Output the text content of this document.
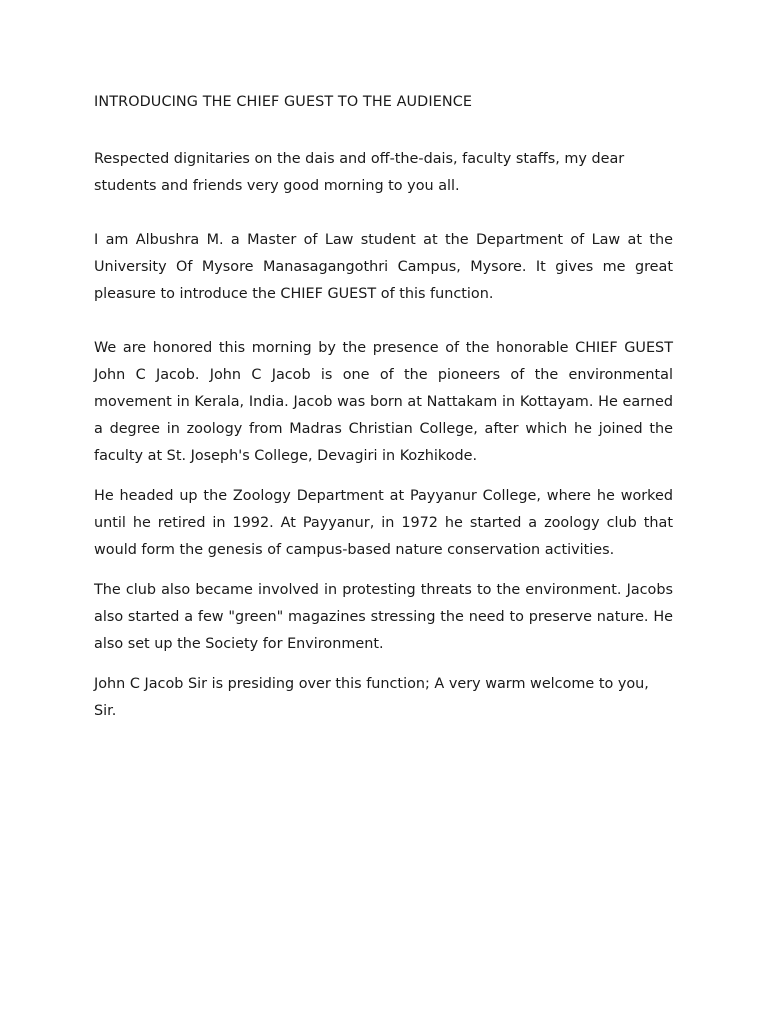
INTRODUCING THE CHIEF GUEST TO THE AUDIENCE

Respected dignitaries on the dais and off-the-dais, faculty staffs, my dear students and friends very good morning to you all.

I am Albushra M. a Master of Law student at the Department of Law at the University Of Mysore Manasagangothri Campus, Mysore. It gives me great pleasure to introduce the CHIEF GUEST of this function.

We are honored this morning by the presence of the honorable CHIEF GUEST John C Jacob. John C Jacob is one of the pioneers of the environmental movement in Kerala, India. Jacob was born at Nattakam in Kottayam. He earned a degree in zoology from Madras Christian College, after which he joined the faculty at St. Joseph's College, Devagiri in Kozhikode.

He headed up the Zoology Department at Payyanur College, where he worked until he retired in 1992. At Payyanur, in 1972 he started a zoology club that would form the genesis of campus-based nature conservation activities.

The club also became involved in protesting threats to the environment. Jacobs also started a few "green" magazines stressing the need to preserve nature. He also set up the Society for Environment.

John C Jacob Sir is presiding over this function; A very warm welcome to you, Sir.
